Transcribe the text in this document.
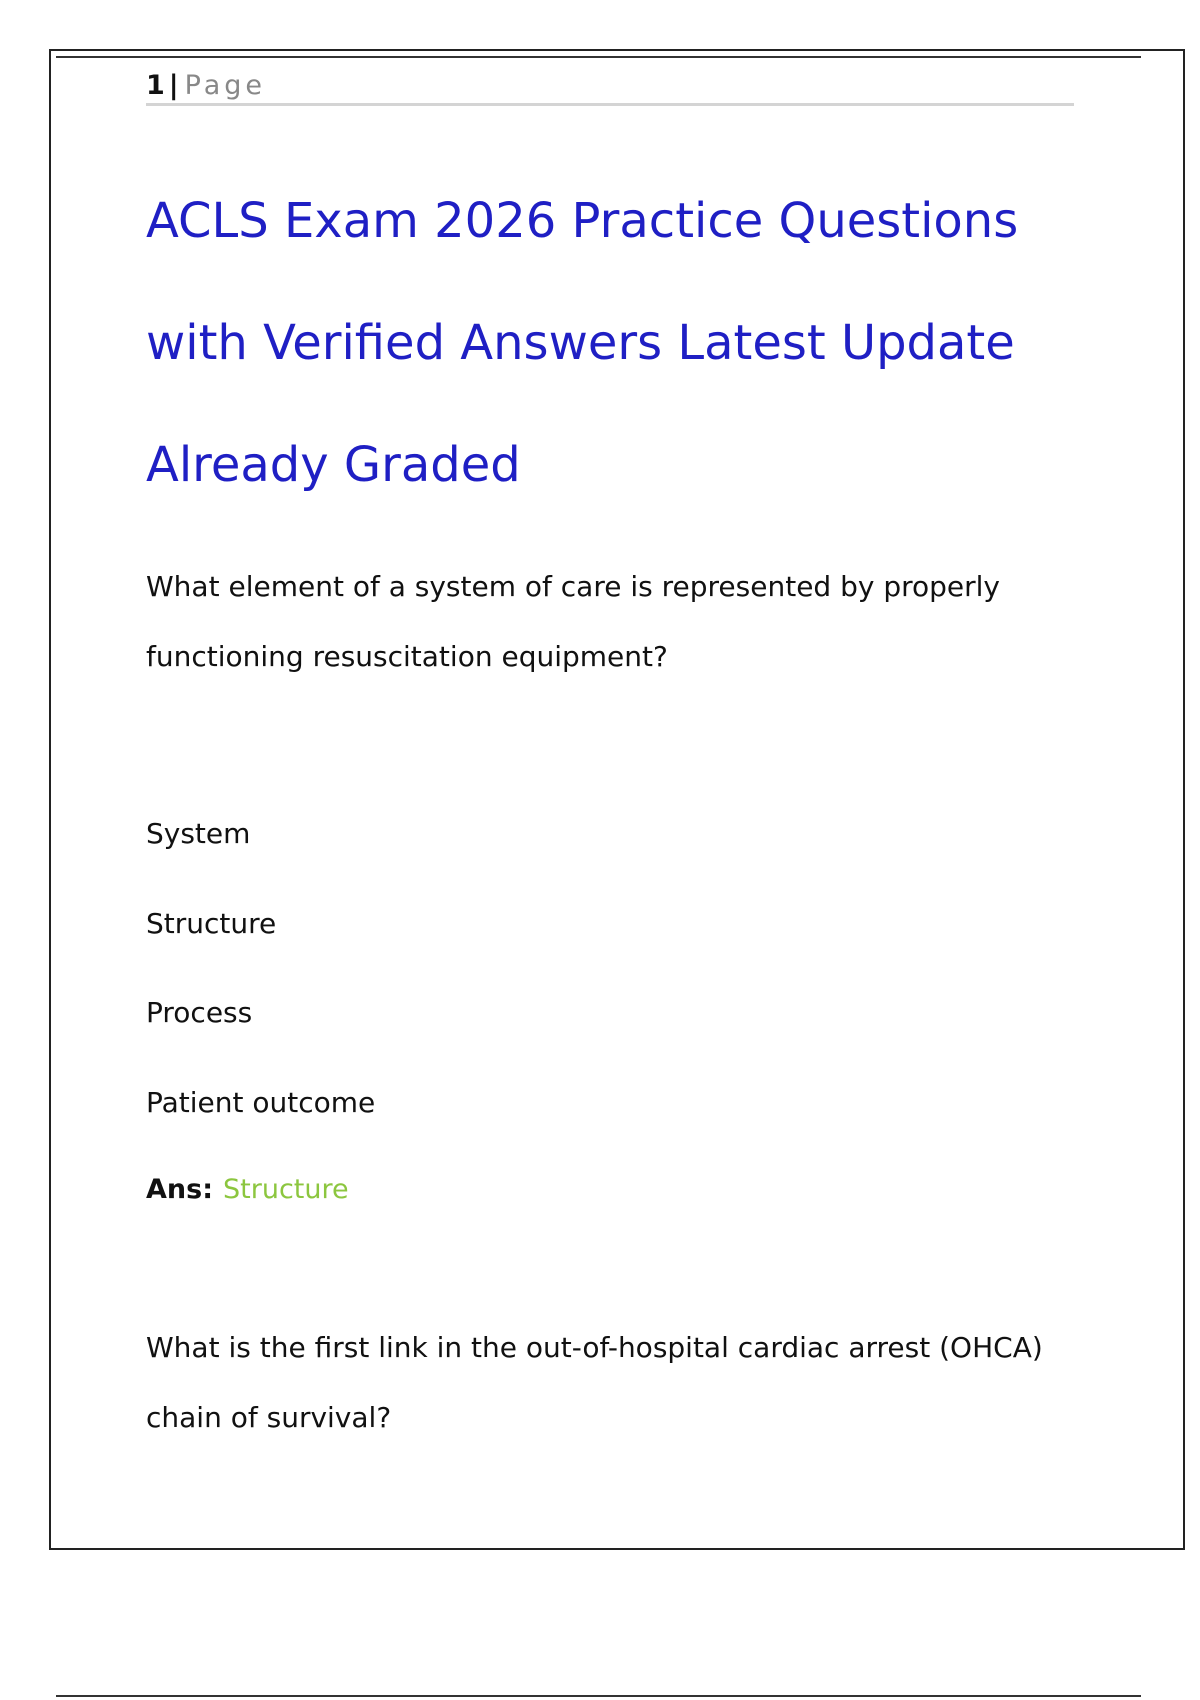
1 | Page
ACLS Exam 2026 Practice Questions
with Verified Answers Latest Update
Already Graded

What element of a system of care is represented by properly functioning resuscitation equipment?

System
Structure
Process
Patient outcome
Ans: Structure

What is the first link in the out-of-hospital cardiac arrest (OHCA) chain of survival?
